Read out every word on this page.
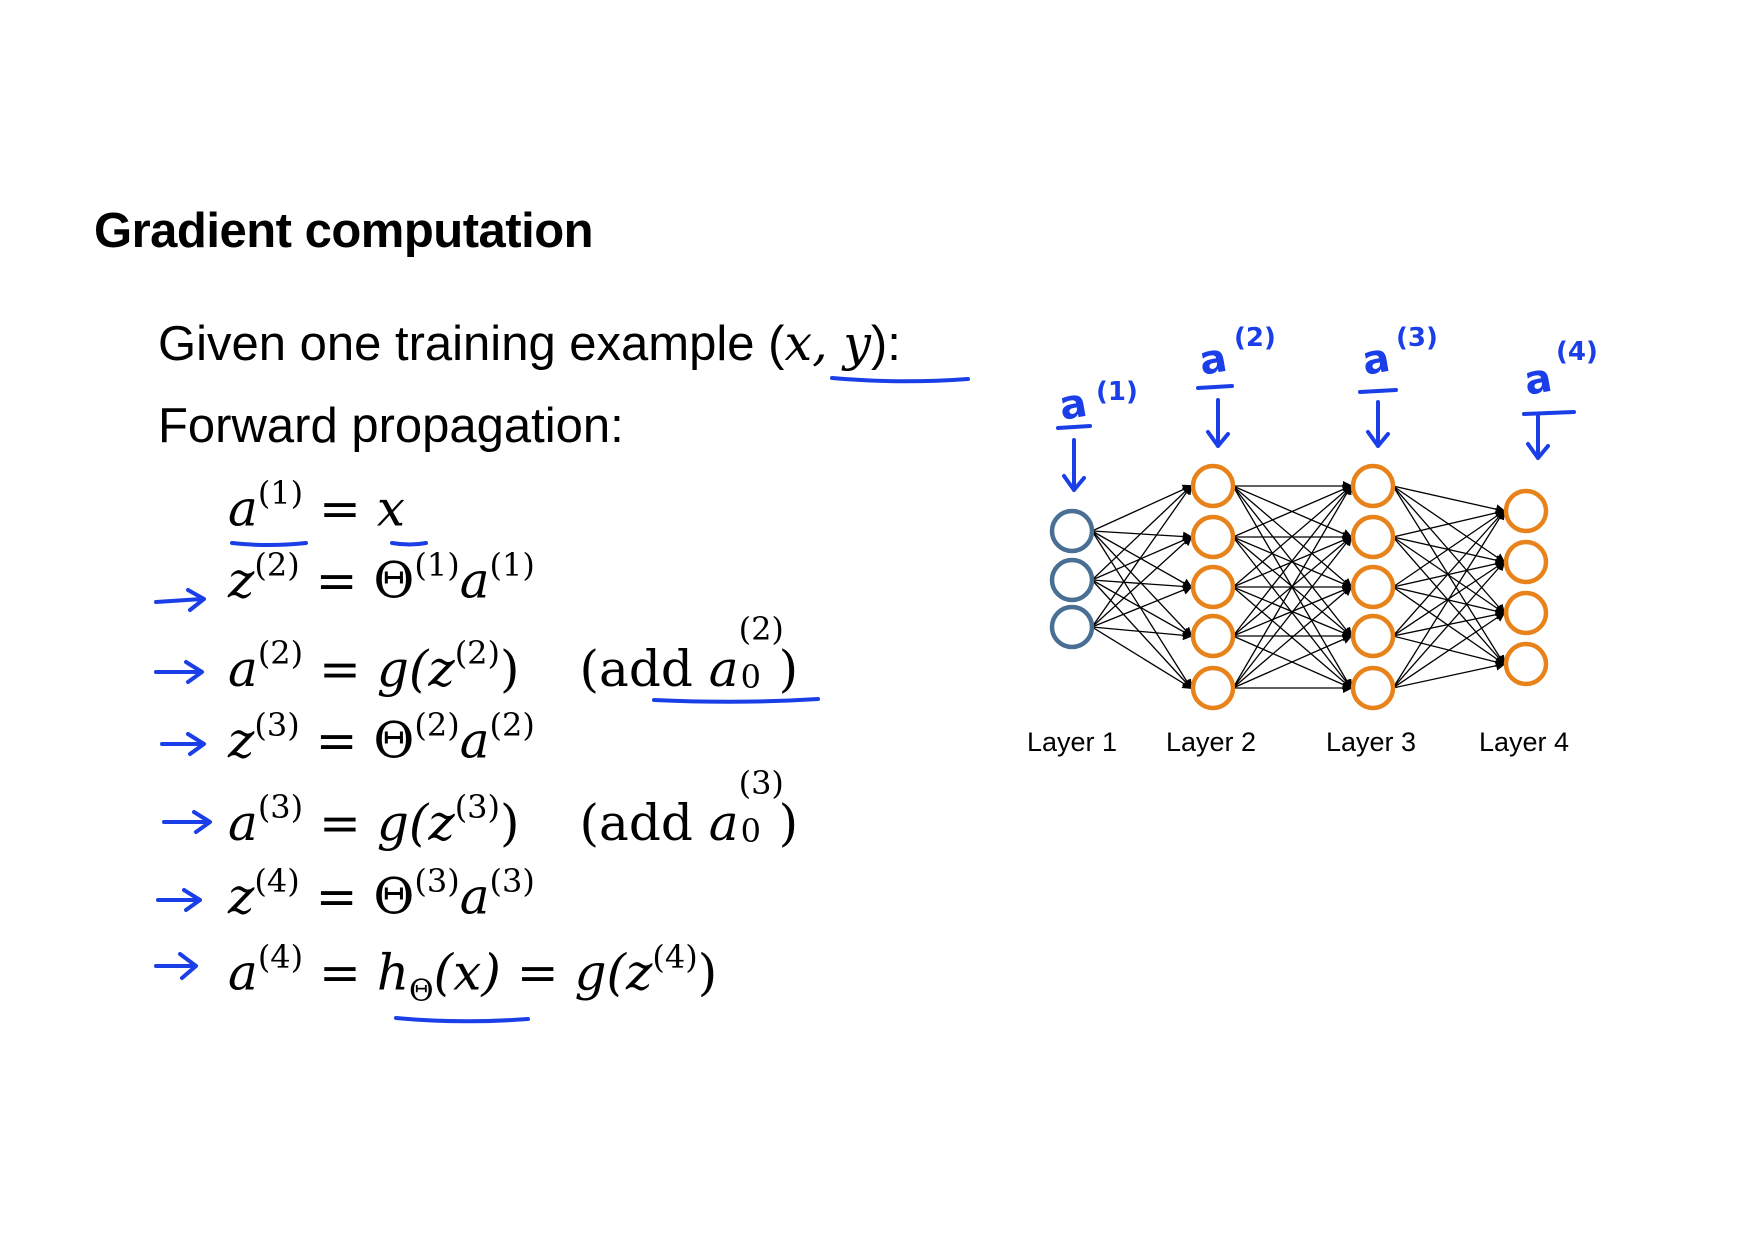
Gradient computation
Given one training example (x, y):
Forward propagation:
$a^{(1)} = x$
$z^{(2)} = \Theta^{(1)}a^{(1)}$
$a^{(2)} = g(z^{(2)})$ (add a
(2)
0 )
$z^{(3)} = \Theta^{(2)}a^{(2)}$
$a^{(3)} = g(z^{(3)})$ (add a
(3)
0 )
$z^{(4)} = \Theta^{(3)}a^{(3)}$
$a^{(4)} = h_\Theta(x) = g(z^{(4)})$
a (1)
a (2) a (3)
a
(4)
Layer 1 Layer 2	Layer 3 Layer 4
